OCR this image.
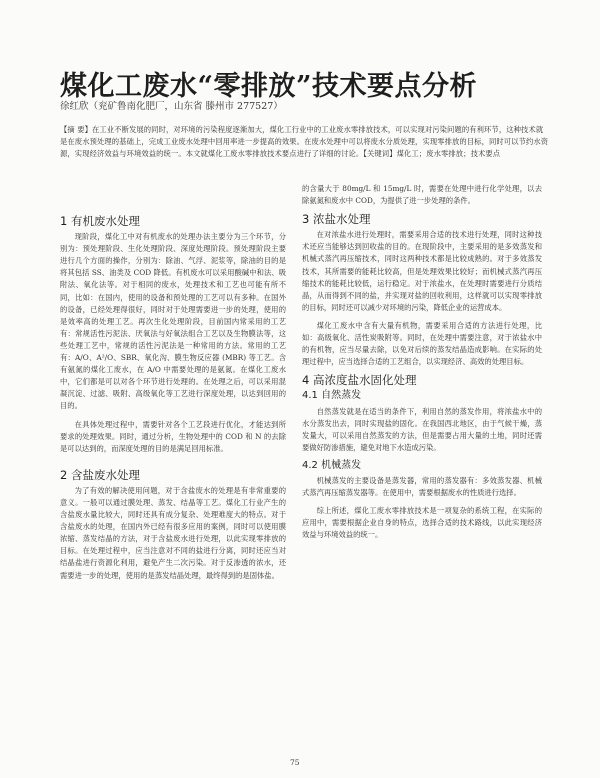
煤化工废水“零排放”技术要点分析
徐红欣（兖矿鲁南化肥厂，山东省 滕州市 277527）
【摘 要】在工业不断发展的同时，对环境的污染程度逐渐加大，煤化工行业中的工业废水零排放技术，可以实现对污染问题的有利环节，这种技术就是在废水预处理的基础上，完成工业废水处理中回用率进一步提高的效果。在废水处理中可以将废水分质处理，实现零排放的目标，同时可以节约水资源，实现经济效益与环境效益的统一。本文就煤化工废水零排放技术要点进行了详细的讨论。【关键词】煤化工；废水零排放；技术要点
1 有机废水处理
现阶段，煤化工中对有机废水的处理办法主要分为三个环节，分别为：预处理阶段、生化处理阶段、深度处理阶段。预处理阶段主要进行几个方面的操作，分别为：除油、气浮、泥浆等，除油的目的是将其包括 SS、油类及 COD 降低。有机废水可以采用酸碱中和法、吸附法、氧化法等。对于相同的废水，处理技术和工艺也可能有所不同，比如：在国内，使用的设备和预处理的工艺可以有多种。在国外的设备，已经处理得很好，同时对于处理需要进一步的处理，使用的是效率高的处理工艺。再次生化处理阶段，目前国内常采用的工艺有：常规活性污泥法、厌氧法与好氧法组合工艺以及生物膜法等，这些处理工艺中，常规的活性污泥法是一种常用的方法。常用的工艺有：A/O、A²/O、SBR、氧化沟、膜生物反应器 (MBR) 等工艺。含有氨氮的煤化工废水，在 A/O 中需要处理的是氨氮。在煤化工废水中，它们都是可以对各个环节进行处理的。在处理之后，可以采用混凝沉淀、过滤、吸附、高级氧化等工艺进行深度处理，以达到回用的目的。
在具体处理过程中，需要针对各个工艺段进行优化，才能达到所要求的处理效果。同时，通过分析，生物处理中的 COD 和 N 的去除是可以达到的，而深度处理的目的是满足回用标准。
2 含盐废水处理
为了有效的解决使用问题，对于含盐废水的处理是有非常重要的意义。一般可以通过膜处理、蒸发、结晶等工艺。煤化工行业产生的含盐废水量比较大，同时还具有成分复杂、处理难度大的特点。对于含盐废水的处理，在国内外已经有很多应用的案例，同时可以使用膜浓缩、蒸发结晶的方法，对于含盐废水进行处理，以此实现零排放的目标。在处理过程中，应当注意对不同的盐进行分离，同时还应当对结晶盐进行资源化利用，避免产生二次污染。对于反渗透的浓水，还需要进一步的处理，使用的是蒸发结晶处理，最终得到的是固体盐。
的含量大于 80mg/L 和 15mg/L 时，需要在处理中进行化学处理，以去除氨氮和废水中 COD，为提供了进一步处理的条件。
3 浓盐水处理
在对浓盐水进行处理时，需要采用合适的技术进行处理，同时这种技术还应当能够达到回收盐的目的。在现阶段中，主要采用的是多效蒸发和机械式蒸汽再压缩技术，同时这两种技术都是比较成熟的。对于多效蒸发技术，其所需要的能耗比较高，但是处理效果比较好；而机械式蒸汽再压缩技术的能耗比较低，运行稳定。对于浓盐水，在处理时需要进行分质结晶，从而得到不同的盐，并实现对盐的回收利用，这样就可以实现零排放的目标，同时还可以减少对环境的污染，降低企业的运营成本。
煤化工废水中含有大量有机物，需要采用合适的方法进行处理，比如：高级氧化、活性炭吸附等。同时，在处理中需要注意，对于浓盐水中的有机物，应当尽量去除，以免对后续的蒸发结晶造成影响。在实际的处理过程中，应当选择合适的工艺组合，以实现经济、高效的处理目标。
4 高浓度盐水固化处理
4.1 自然蒸发
自然蒸发就是在适当的条件下，利用自然的蒸发作用，将浓盐水中的水分蒸发出去，同时实现盐的固化。在我国西北地区，由于气候干燥，蒸发量大，可以采用自然蒸发的方法，但是需要占用大量的土地，同时还需要做好防渗措施，避免对地下水造成污染。
4.2 机械蒸发
机械蒸发的主要设备是蒸发器，常用的蒸发器有：多效蒸发器、机械式蒸汽再压缩蒸发器等。在使用中，需要根据废水的性质进行选择。
综上所述，煤化工废水零排放技术是一项复杂的系统工程，在实际的应用中，需要根据企业自身的特点，选择合适的技术路线，以此实现经济效益与环境效益的统一。
75
